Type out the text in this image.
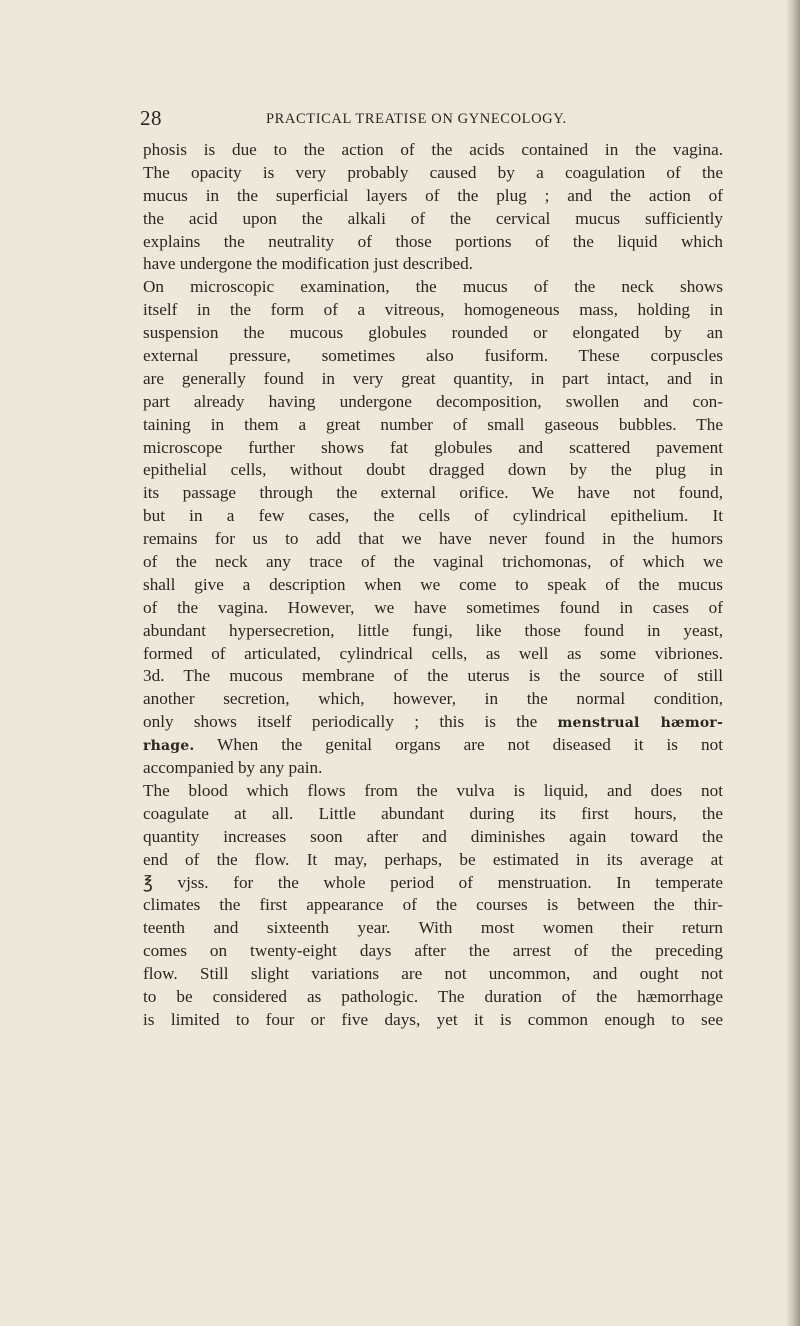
28	PRACTICAL TREATISE ON GYNECOLOGY.
phosis is due to the action of the acids contained in the vagina.
The opacity is very probably caused by a coagulation of the
mucus in the superficial layers of the plug ; and the action of
the acid upon the alkali of the cervical mucus sufficiently
explains the neutrality of those portions of the liquid which
have undergone the modification just described.
On microscopic examination, the mucus of the neck shows
itself in the form of a vitreous, homogeneous mass, holding in
suspension the mucous globules rounded or elongated by an
external pressure, sometimes also fusiform. These corpuscles
are generally found in very great quantity, in part intact, and in
part already having undergone decomposition, swollen and con-
taining in them a great number of small gaseous bubbles. The
microscope further shows fat globules and scattered pavement
epithelial cells, without doubt dragged down by the plug in
its passage through the external orifice. We have not found,
but in a few cases, the cells of cylindrical epithelium. It
remains for us to add that we have never found in the humors
of the neck any trace of the vaginal trichomonas, of which we
shall give a description when we come to speak of the mucus
of the vagina. However, we have sometimes found in cases of
abundant hypersecretion, little fungi, like those found in yeast,
formed of articulated, cylindrical cells, as well as some vibriones.
3d. The mucous membrane of the uterus is the source of still
another secretion, which, however, in the normal condition,
only shows itself periodically ; this is the menstrual hæmor-
rhage. When the genital organs are not diseased it is not
accompanied by any pain.
The blood which flows from the vulva is liquid, and does not
coagulate at all. Little abundant during its first hours, the
quantity increases soon after and diminishes again toward the
end of the flow. It may, perhaps, be estimated in its average at
℥ vjss. for the whole period of menstruation. In temperate
climates the first appearance of the courses is between the thir-
teenth and sixteenth year. With most women their return
comes on twenty-eight days after the arrest of the preceding
flow. Still slight variations are not uncommon, and ought not
to be considered as pathologic. The duration of the hæmorrhage
is limited to four or five days, yet it is common enough to see
